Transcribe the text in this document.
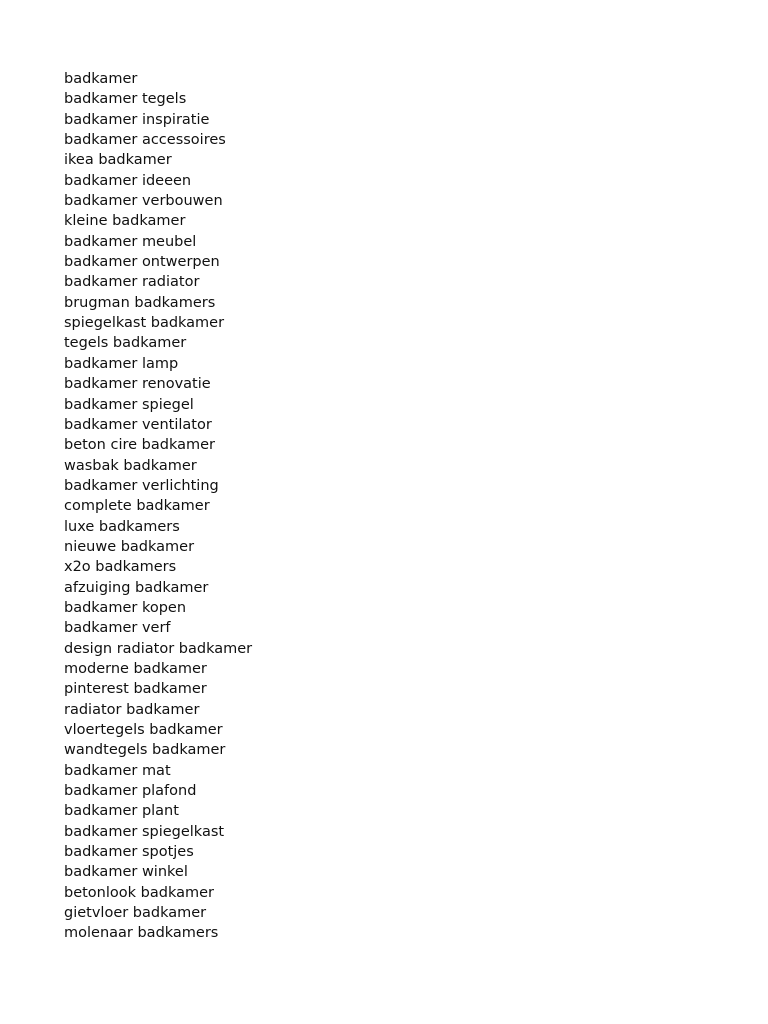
badkamer
badkamer tegels
badkamer inspiratie
badkamer accessoires
ikea badkamer
badkamer ideeen
badkamer verbouwen
kleine badkamer
badkamer meubel
badkamer ontwerpen
badkamer radiator
brugman badkamers
spiegelkast badkamer
tegels badkamer
badkamer lamp
badkamer renovatie
badkamer spiegel
badkamer ventilator
beton cire badkamer
wasbak badkamer
badkamer verlichting
complete badkamer
luxe badkamers
nieuwe badkamer
x2o badkamers
afzuiging badkamer
badkamer kopen
badkamer verf
design radiator badkamer
moderne badkamer
pinterest badkamer
radiator badkamer
vloertegels badkamer
wandtegels badkamer
badkamer mat
badkamer plafond
badkamer plant
badkamer spiegelkast
badkamer spotjes
badkamer winkel
betonlook badkamer
gietvloer badkamer
molenaar badkamers
